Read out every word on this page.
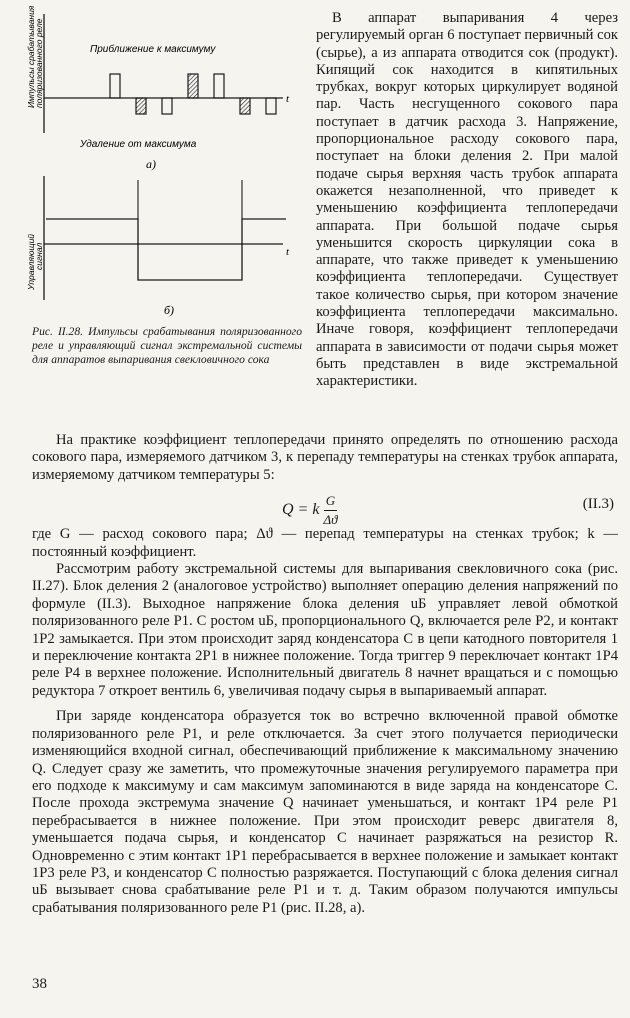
t
Импульсы срабатывания
поляризованного реле	Приближение к максимуму
Удаление от максимума
а)
t
Управляющий
сигнал
б)
Рис. II.28. Импульсы срабатывания поляризованного реле и управляющий сигнал экстремальной системы для аппаратов выпаривания свекловичного сока

В аппарат выпаривания 4 через регулируемый орган 6 поступает первичный сок (сырье), а из аппарата отводится сок (продукт). Кипящий сок находится в кипятильных трубках, вокруг которых циркулирует водяной пар. Часть несгущенного сокового пара поступает в датчик расхода 3. Напряжение, пропорциональное расходу сокового пара, поступает на блоки деления 2. При малой подаче сырья верхняя часть трубок аппарата окажется незаполненной, что приведет к уменьшению коэффициента теплопередачи аппарата. При большой подаче сырья уменьшится скорость циркуляции сока в аппарате, что также приведет к уменьшению коэффициента теплопередачи. Существует такое количество сырья, при котором значение коэффициента теплопередачи максимально. Иначе говоря, коэффициент теплопередачи аппарата в зависимости от подачи сырья может быть представлен в виде экстремальной характеристики.

На практике коэффициент теплопередачи принято определять по отношению расхода сокового пара, измеряемого датчиком 3, к перепаду температуры на стенках трубок аппарата, измеряемому датчиком температуры 5:

Q = k $\frac{G}{\Delta ϑ}$	(II.3)

где G — расход сокового пара; Δϑ — перепад температуры на стенках трубок; k — постоянный коэффициент.

Рассмотрим работу экстремальной системы для выпаривания свекловичного сока (рис. II.27). Блок деления 2 (аналоговое устройство) выполняет операцию деления напряжений по формуле (II.3). Выходное напряжение блока деления uБ управляет левой обмоткой поляризованного реле P1. С ростом uБ, пропорционального Q, включается реле P2, и контакт 1P2 замыкается. При этом происходит заряд конденсатора C в цепи катодного повторителя 1 и переключение контакта 2P1 в нижнее положение. Тогда триггер 9 переключает контакт 1P4 реле P4 в верхнее положение. Исполнительный двигатель 8 начнет вращаться и с помощью редуктора 7 откроет вентиль 6, увеличивая подачу сырья в выпариваемый аппарат.

При заряде конденсатора образуется ток во встречно включенной правой обмотке поляризованного реле P1, и реле отключается. За счет этого получается периодически изменяющийся входной сигнал, обеспечивающий приближение к максимальному значению Q. Следует сразу же заметить, что промежуточные значения регулируемого параметра при его подходе к максимуму и сам максимум запоминаются в виде заряда на конденсаторе C. После прохода экстремума значение Q начинает уменьшаться, и контакт 1P4 реле P1 перебрасывается в нижнее положение. При этом происходит реверс двигателя 8, уменьшается подача сырья, и конденсатор C начинает разряжаться на резистор R. Одновременно с этим контакт 1P1 перебрасывается в верхнее положение и замыкает контакт 1P3 реле P3, и конденсатор C полностью разряжается. Поступающий с блока деления сигнал uБ вызывает снова срабатывание реле P1 и т. д. Таким образом получаются импульсы срабатывания поляризованного реле P1 (рис. II.28, а).

38
